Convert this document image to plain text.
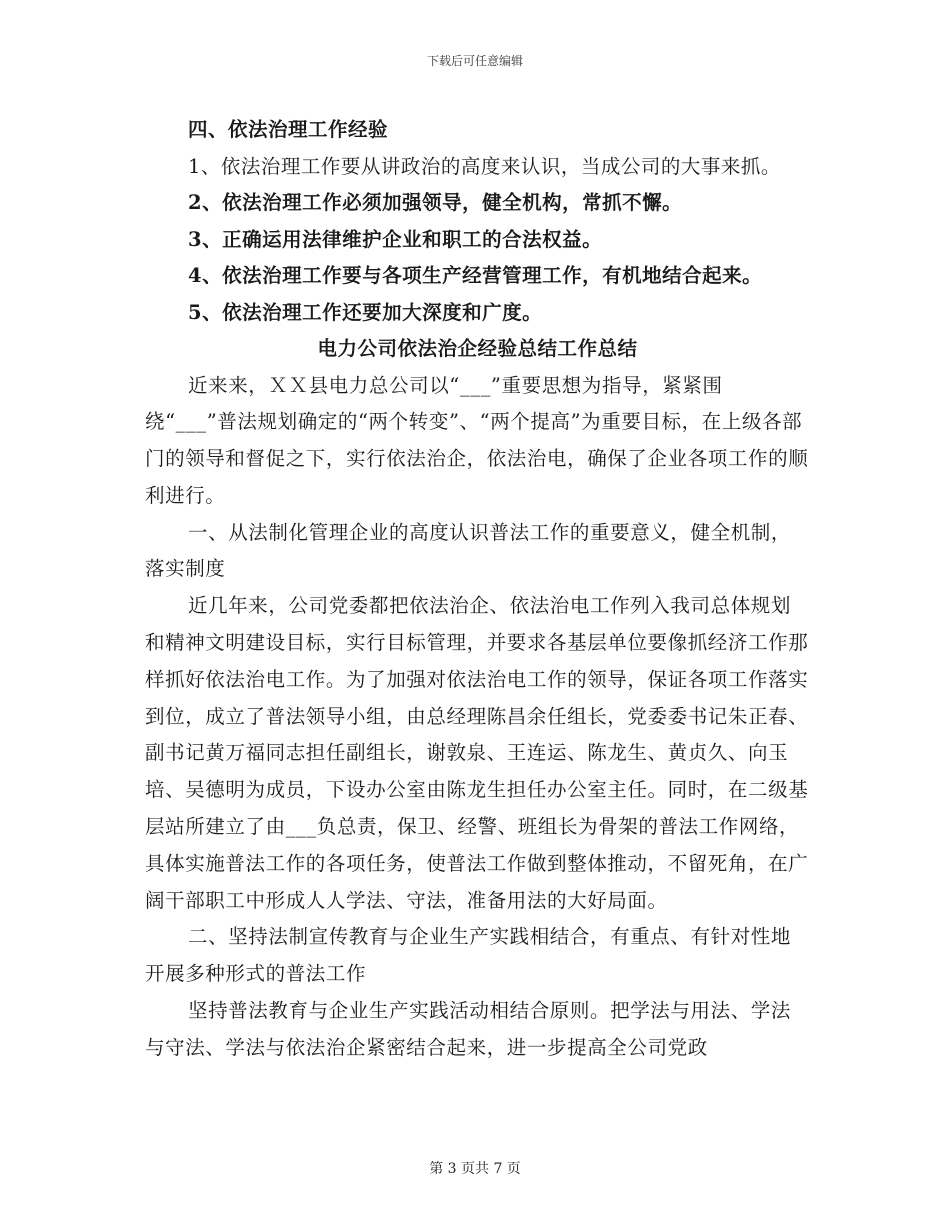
下载后可任意编辑
四、依法治理工作经验
1、依法治理工作要从讲政治的高度来认识，当成公司的大事来抓。
2、依法治理工作必须加强领导，健全机构，常抓不懈。
3、正确运用法律维护企业和职工的合法权益。
4、依法治理工作要与各项生产经营管理工作，有机地结合起来。
5、依法治理工作还要加大深度和广度。
电力公司依法治企经验总结工作总结

近来来，ＸＸ县电力总公司以“___”重要思想为指导，紧紧围绕“___”普法规划确定的“两个转变”、“两个提高”为重要目标，在上级各部门的领导和督促之下，实行依法治企，依法治电，确保了企业各项工作的顺利进行。

一、从法制化管理企业的高度认识普法工作的重要意义，健全机制，落实制度

近几年来，公司党委都把依法治企、依法治电工作列入我司总体规划和精神文明建设目标，实行目标管理，并要求各基层单位要像抓经济工作那样抓好依法治电工作。为了加强对依法治电工作的领导，保证各项工作落实到位，成立了普法领导小组，由总经理陈昌余任组长，党委委书记朱正春、副书记黄万福同志担任副组长，谢敦泉、王连运、陈龙生、黄贞久、向玉培、吴德明为成员，下设办公室由陈龙生担任办公室主任。同时，在二级基层站所建立了由___负总责，保卫、经警、班组长为骨架的普法工作网络，具体实施普法工作的各项任务，使普法工作做到整体推动，不留死角，在广阔干部职工中形成人人学法、守法，准备用法的大好局面。

二、坚持法制宣传教育与企业生产实践相结合，有重点、有针对性地开展多种形式的普法工作

坚持普法教育与企业生产实践活动相结合原则。把学法与用法、学法与守法、学法与依法治企紧密结合起来，进一步提高全公司党政

第 3 页共 7 页
